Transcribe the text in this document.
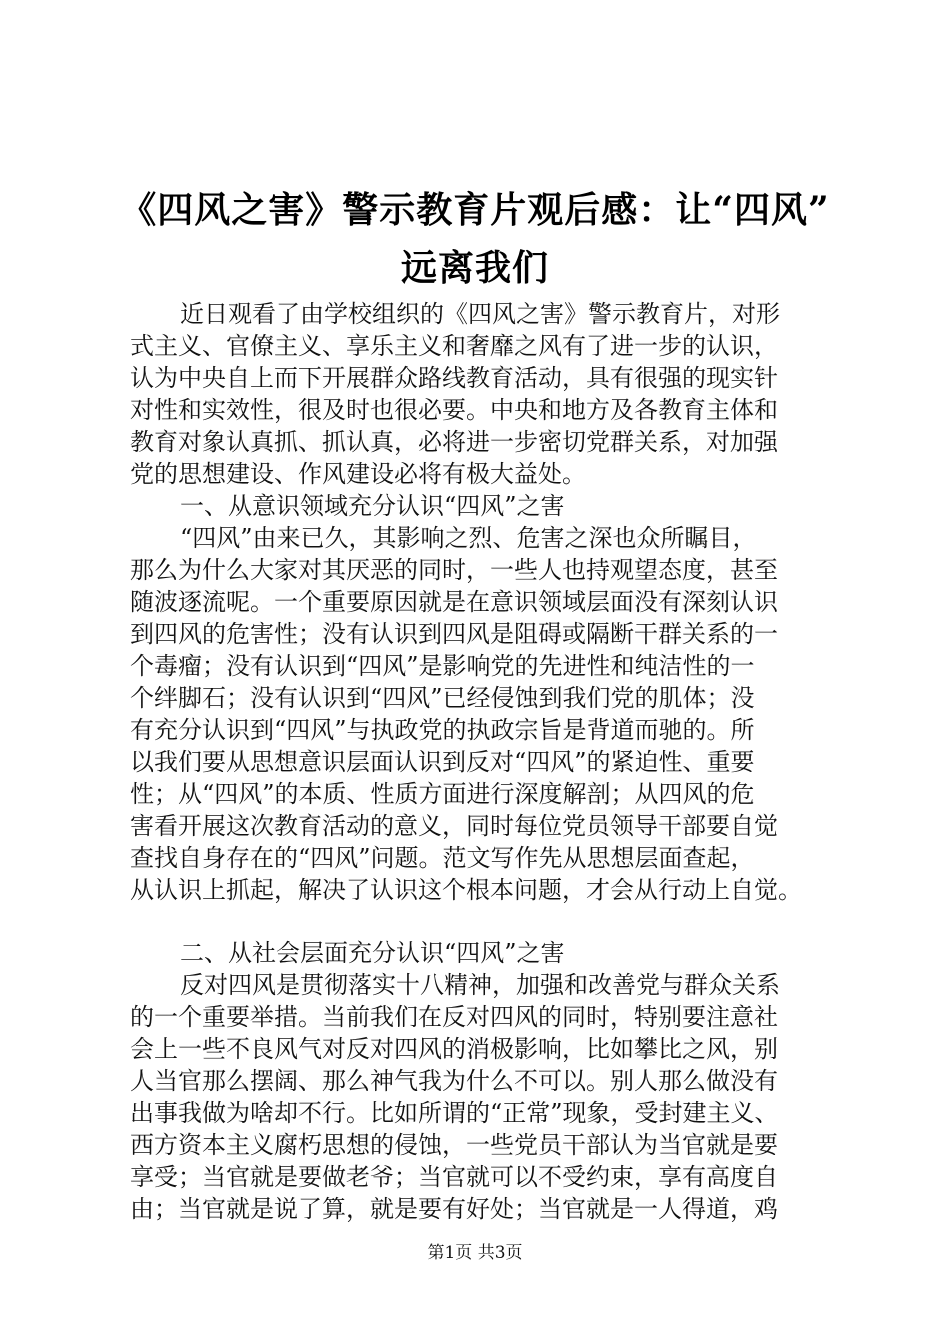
《四风之害》警示教育片观后感：让“四风”
远离我们
近日观看了由学校组织的《四风之害》警示教育片，对形
式主义、官僚主义、享乐主义和奢靡之风有了进一步的认识，
认为中央自上而下开展群众路线教育活动，具有很强的现实针
对性和实效性，很及时也很必要。中央和地方及各教育主体和
教育对象认真抓、抓认真，必将进一步密切党群关系，对加强
党的思想建设、作风建设必将有极大益处。
一、从意识领域充分认识“四风”之害
“四风”由来已久，其影响之烈、危害之深也众所瞩目，
那么为什么大家对其厌恶的同时，一些人也持观望态度，甚至
随波逐流呢。一个重要原因就是在意识领域层面没有深刻认识
到四风的危害性；没有认识到四风是阻碍或隔断干群关系的一
个毒瘤；没有认识到“四风”是影响党的先进性和纯洁性的一
个绊脚石；没有认识到“四风”已经侵蚀到我们党的肌体；没
有充分认识到“四风”与执政党的执政宗旨是背道而驰的。所
以我们要从思想意识层面认识到反对“四风”的紧迫性、重要
性；从“四风”的本质、性质方面进行深度解剖；从四风的危
害看开展这次教育活动的意义，同时每位党员领导干部要自觉
查找自身存在的“四风”问题。范文写作先从思想层面查起，
从认识上抓起，解决了认识这个根本问题，才会从行动上自觉。
二、从社会层面充分认识“四风”之害
反对四风是贯彻落实十八精神，加强和改善党与群众关系
的一个重要举措。当前我们在反对四风的同时，特别要注意社
会上一些不良风气对反对四风的消极影响，比如攀比之风，别
人当官那么摆阔、那么神气我为什么不可以。别人那么做没有
出事我做为啥却不行。比如所谓的“正常”现象，受封建主义、
西方资本主义腐朽思想的侵蚀，一些党员干部认为当官就是要
享受；当官就是要做老爷；当官就可以不受约束，享有高度自
由；当官就是说了算，就是要有好处；当官就是一人得道，鸡
第1页 共3页
